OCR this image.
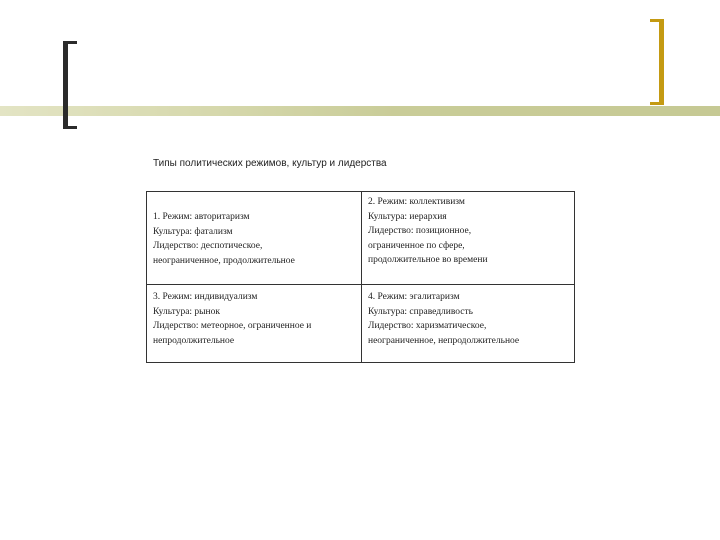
Типы политических режимов, культур и лидерства
1. Режим: авторитаризм
Культура: фатализм
Лидерство: деспотическое,
неограниченное, продолжительное
2. Режим: коллективизм
Культура: иерархия
Лидерство: позиционное,
ограниченное по сфере,
продолжительное во времени
3. Режим: индивидуализм
Культура: рынок
Лидерство: метеорное, ограниченное и
непродолжительное
4. Режим: эгалитаризм
Культура: справедливость
Лидерство: харизматическое,
неограниченное, непродолжительное
